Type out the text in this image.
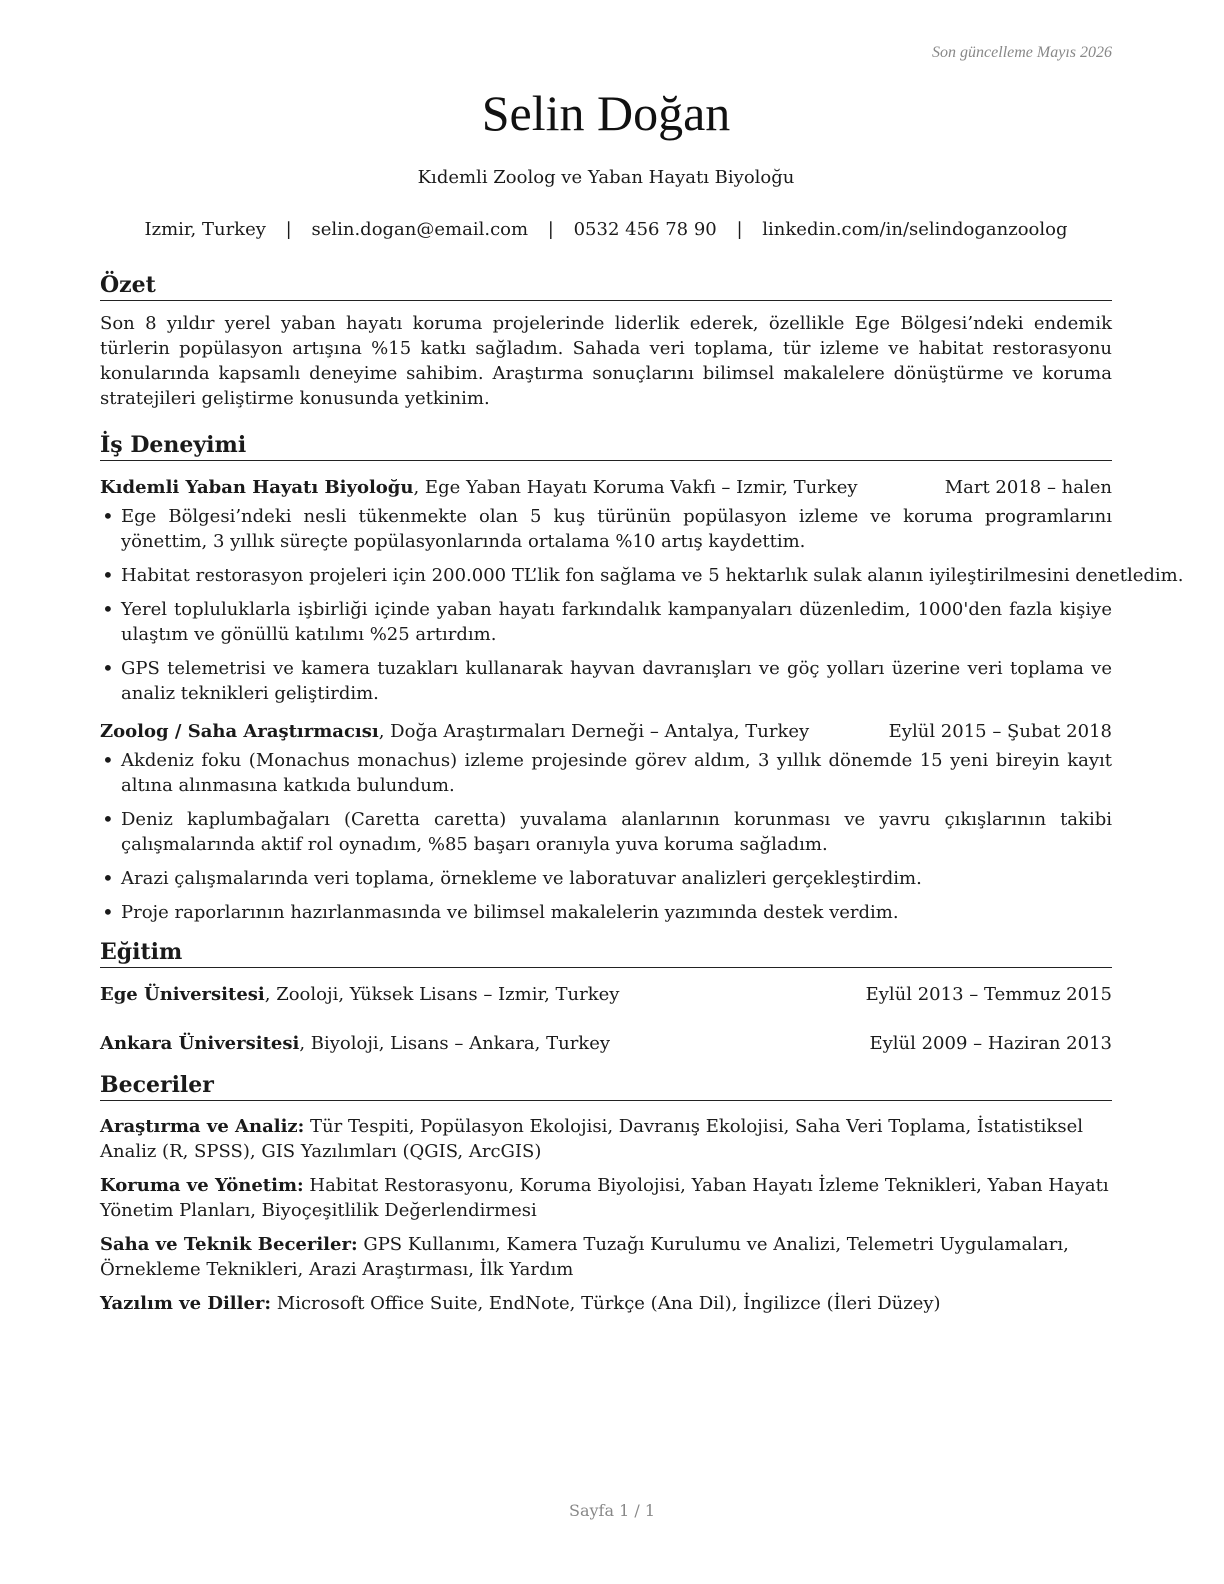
Son güncelleme Mayıs 2026
Selin Doğan
Kıdemli Zoolog ve Yaban Hayatı Biyoloğu
Izmir, Turkey | selin.dogan@email.com | 0532 456 78 90 | linkedin.com/in/selindoganzoolog
Özet

Son 8 yıldır yerel yaban hayatı koruma projelerinde liderlik ederek, özellikle Ege Bölgesi’ndeki endemik türlerin popülasyon artışına %15 katkı sağladım. Sahada veri toplama, tür izleme ve habitat restorasyonu konularında kapsamlı deneyime sahibim. Araştırma sonuçlarını bilimsel makalelere dönüştürme ve koruma stratejileri geliştirme konusunda yetkinim.

İş Deneyimi
Kıdemli Yaban Hayatı Biyoloğu, Ege Yaban Hayatı Koruma Vakfı – Izmir, Turkey	Mart 2018 – halen
• Ege Bölgesi’ndeki nesli tükenmekte olan 5 kuş türünün popülasyon izleme ve koruma programlarını yönettim, 3 yıllık süreçte popülasyonlarında ortalama %10 artış kaydettim.
• Habitat restorasyon projeleri için 200.000 TL’lik fon sağlama ve 5 hektarlık sulak alanın iyileştirilmesini denetledim.
• Yerel topluluklarla işbirliği içinde yaban hayatı farkındalık kampanyaları düzenledim, 1000'den fazla kişiye ulaştım ve gönüllü katılımı %25 artırdım.
• GPS telemetrisi ve kamera tuzakları kullanarak hayvan davranışları ve göç yolları üzerine veri toplama ve analiz teknikleri geliştirdim.
Zoolog / Saha Araştırmacısı, Doğa Araştırmaları Derneği – Antalya, Turkey	Eylül 2015 – Şubat 2018
• Akdeniz foku (Monachus monachus) izleme projesinde görev aldım, 3 yıllık dönemde 15 yeni bireyin kayıt altına alınmasına katkıda bulundum.
• Deniz kaplumbağaları (Caretta caretta) yuvalama alanlarının korunması ve yavru çıkışlarının takibi çalışmalarında aktif rol oynadım, %85 başarı oranıyla yuva koruma sağladım.
• Arazi çalışmalarında veri toplama, örnekleme ve laboratuvar analizleri gerçekleştirdim.
• Proje raporlarının hazırlanmasında ve bilimsel makalelerin yazımında destek verdim.
Eğitim
Ege Üniversitesi, Zooloji, Yüksek Lisans – Izmir, Turkey	Eylül 2013 – Temmuz 2015
Ankara Üniversitesi, Biyoloji, Lisans – Ankara, Turkey	Eylül 2009 – Haziran 2013
Beceriler

Araştırma ve Analiz: Tür Tespiti, Popülasyon Ekolojisi, Davranış Ekolojisi, Saha Veri Toplama, İstatistiksel Analiz (R, SPSS), GIS Yazılımları (QGIS, ArcGIS)

Koruma ve Yönetim: Habitat Restorasyonu, Koruma Biyolojisi, Yaban Hayatı İzleme Teknikleri, Yaban Hayatı Yönetim Planları, Biyoçeşitlilik Değerlendirmesi

Saha ve Teknik Beceriler: GPS Kullanımı, Kamera Tuzağı Kurulumu ve Analizi, Telemetri Uygulamaları, Örnekleme Teknikleri, Arazi Araştırması, İlk Yardım

Yazılım ve Diller: Microsoft Office Suite, EndNote, Türkçe (Ana Dil), İngilizce (İleri Düzey)

Sayfa 1 / 1
